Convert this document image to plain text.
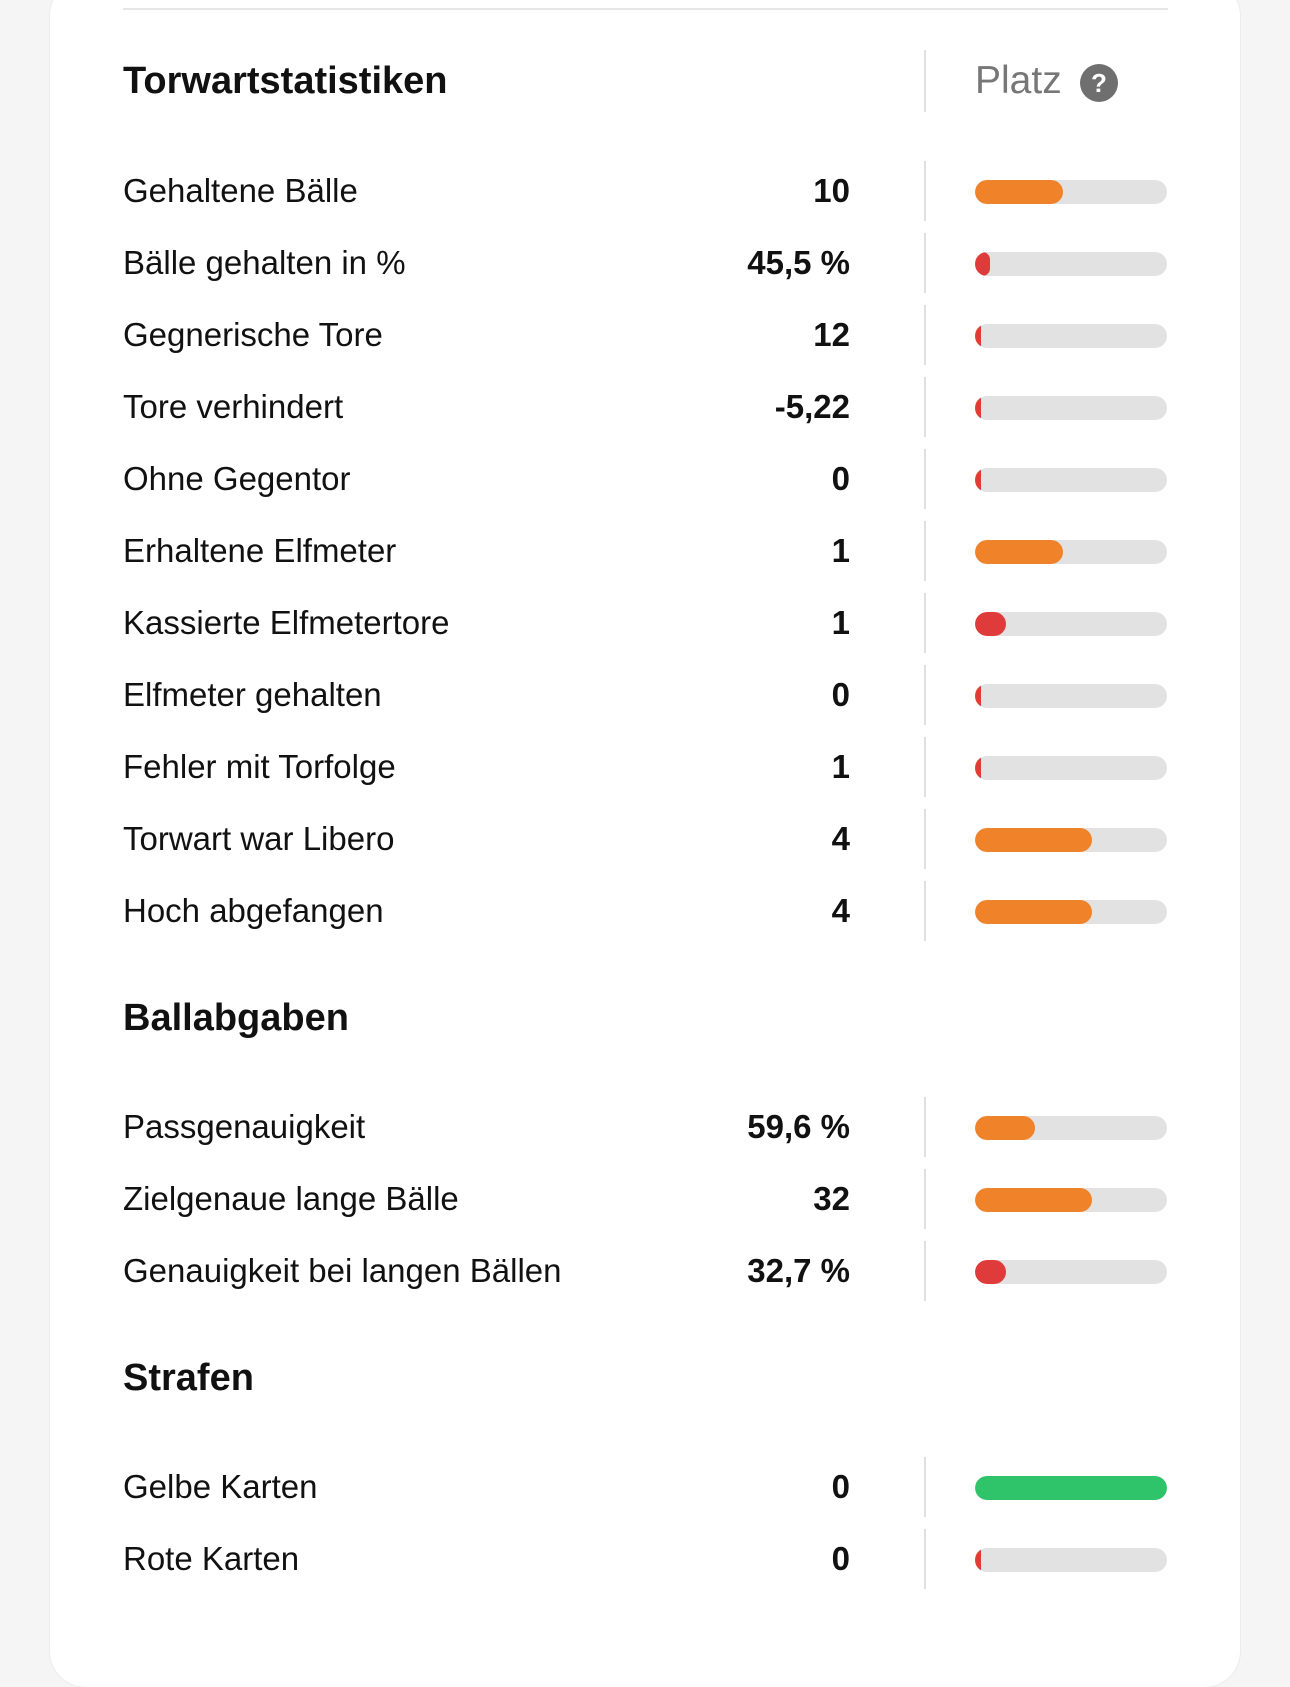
Torwartstatistiken	Platz	?
Gehaltene Bälle	10
Bälle gehalten in %	45,5 %
Gegnerische Tore	12
Tore verhindert	-5,22
Ohne Gegentor	0
Erhaltene Elfmeter	1
Kassierte Elfmetertore	1
Elfmeter gehalten	0
Fehler mit Torfolge	1
Torwart war Libero	4
Hoch abgefangen	4
Ballabgaben
Passgenauigkeit	59,6 %
Zielgenaue lange Bälle	32
Genauigkeit bei langen Bällen	32,7 %
Strafen
Gelbe Karten	0
Rote Karten	0
